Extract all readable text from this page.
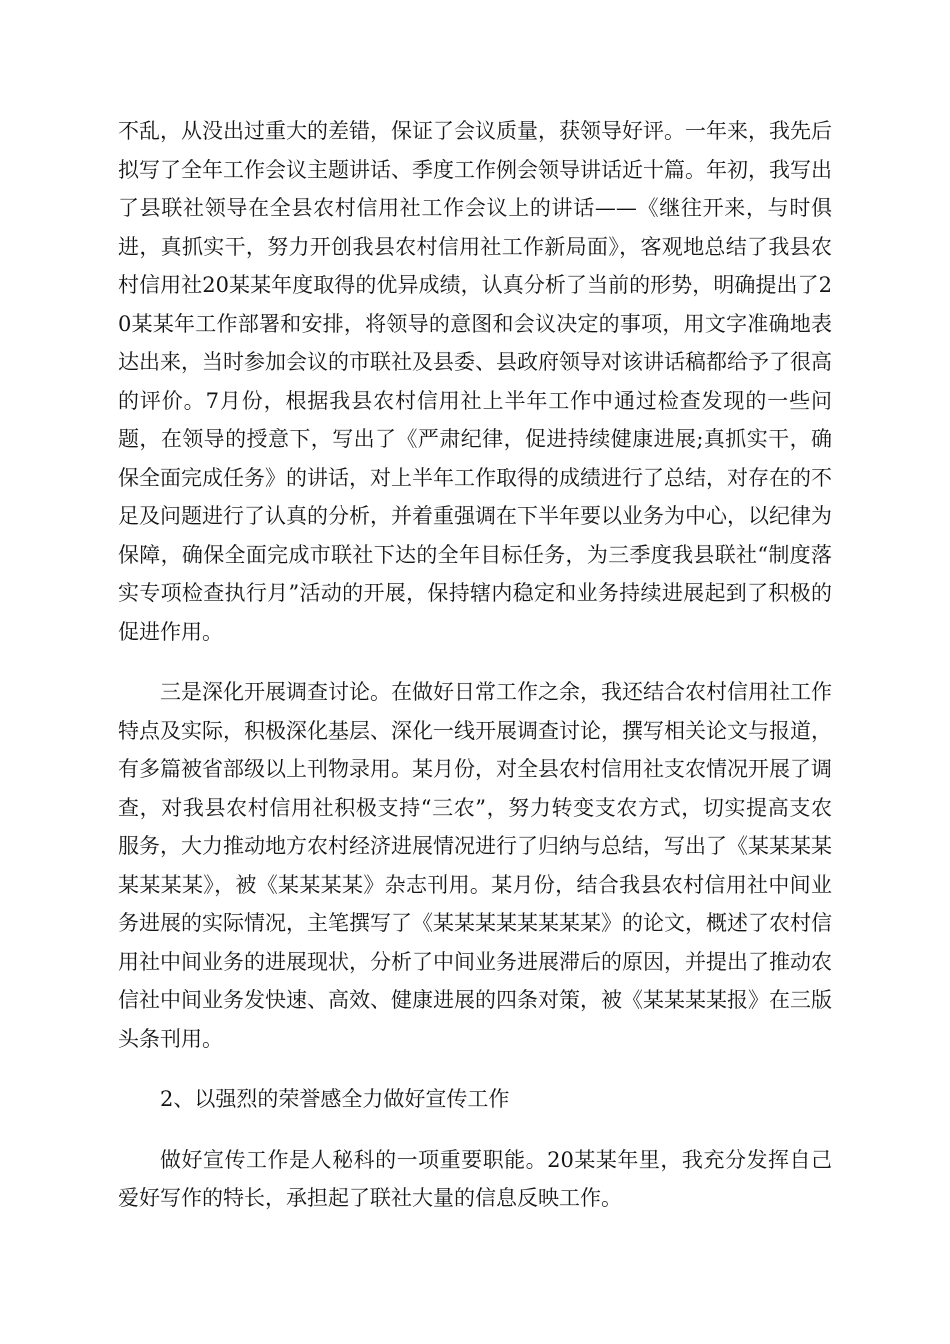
不乱，从没出过重大的差错，保证了会议质量，获领导好评。一年来，我先后拟写了全年工作会议主题讲话、季度工作例会领导讲话近十篇。年初，我写出了县联社领导在全县农村信用社工作会议上的讲话——《继往开来，与时俱进，真抓实干，努力开创我县农村信用社工作新局面》，客观地总结了我县农村信用社20某某年度取得的优异成绩，认真分析了当前的形势，明确提出了20某某年工作部署和安排，将领导的意图和会议决定的事项，用文字准确地表达出来，当时参加会议的市联社及县委、县政府领导对该讲话稿都给予了很高的评价。7月份，根据我县农村信用社上半年工作中通过检查发现的一些问题，在领导的授意下，写出了《严肃纪律，促进持续健康进展;真抓实干，确保全面完成任务》的讲话，对上半年工作取得的成绩进行了总结，对存在的不足及问题进行了认真的分析，并着重强调在下半年要以业务为中心，以纪律为保障，确保全面完成市联社下达的全年目标任务，为三季度我县联社“制度落实专项检查执行月”活动的开展，保持辖内稳定和业务持续进展起到了积极的促进作用。

三是深化开展调查讨论。在做好日常工作之余，我还结合农村信用社工作特点及实际，积极深化基层、深化一线开展调查讨论，撰写相关论文与报道，有多篇被省部级以上刊物录用。某月份，对全县农村信用社支农情况开展了调查，对我县农村信用社积极支持“三农”，努力转变支农方式，切实提高支农服务，大力推动地方农村经济进展情况进行了归纳与总结，写出了《某某某某某某某某》，被《某某某某》杂志刊用。某月份，结合我县农村信用社中间业务进展的实际情况，主笔撰写了《某某某某某某某某》的论文，概述了农村信用社中间业务的进展现状，分析了中间业务进展滞后的原因，并提出了推动农信社中间业务发快速、高效、健康进展的四条对策，被《某某某某报》在三版头条刊用。

2、以强烈的荣誉感全力做好宣传工作

做好宣传工作是人秘科的一项重要职能。20某某年里，我充分发挥自己爱好写作的特长，承担起了联社大量的信息反映工作。
